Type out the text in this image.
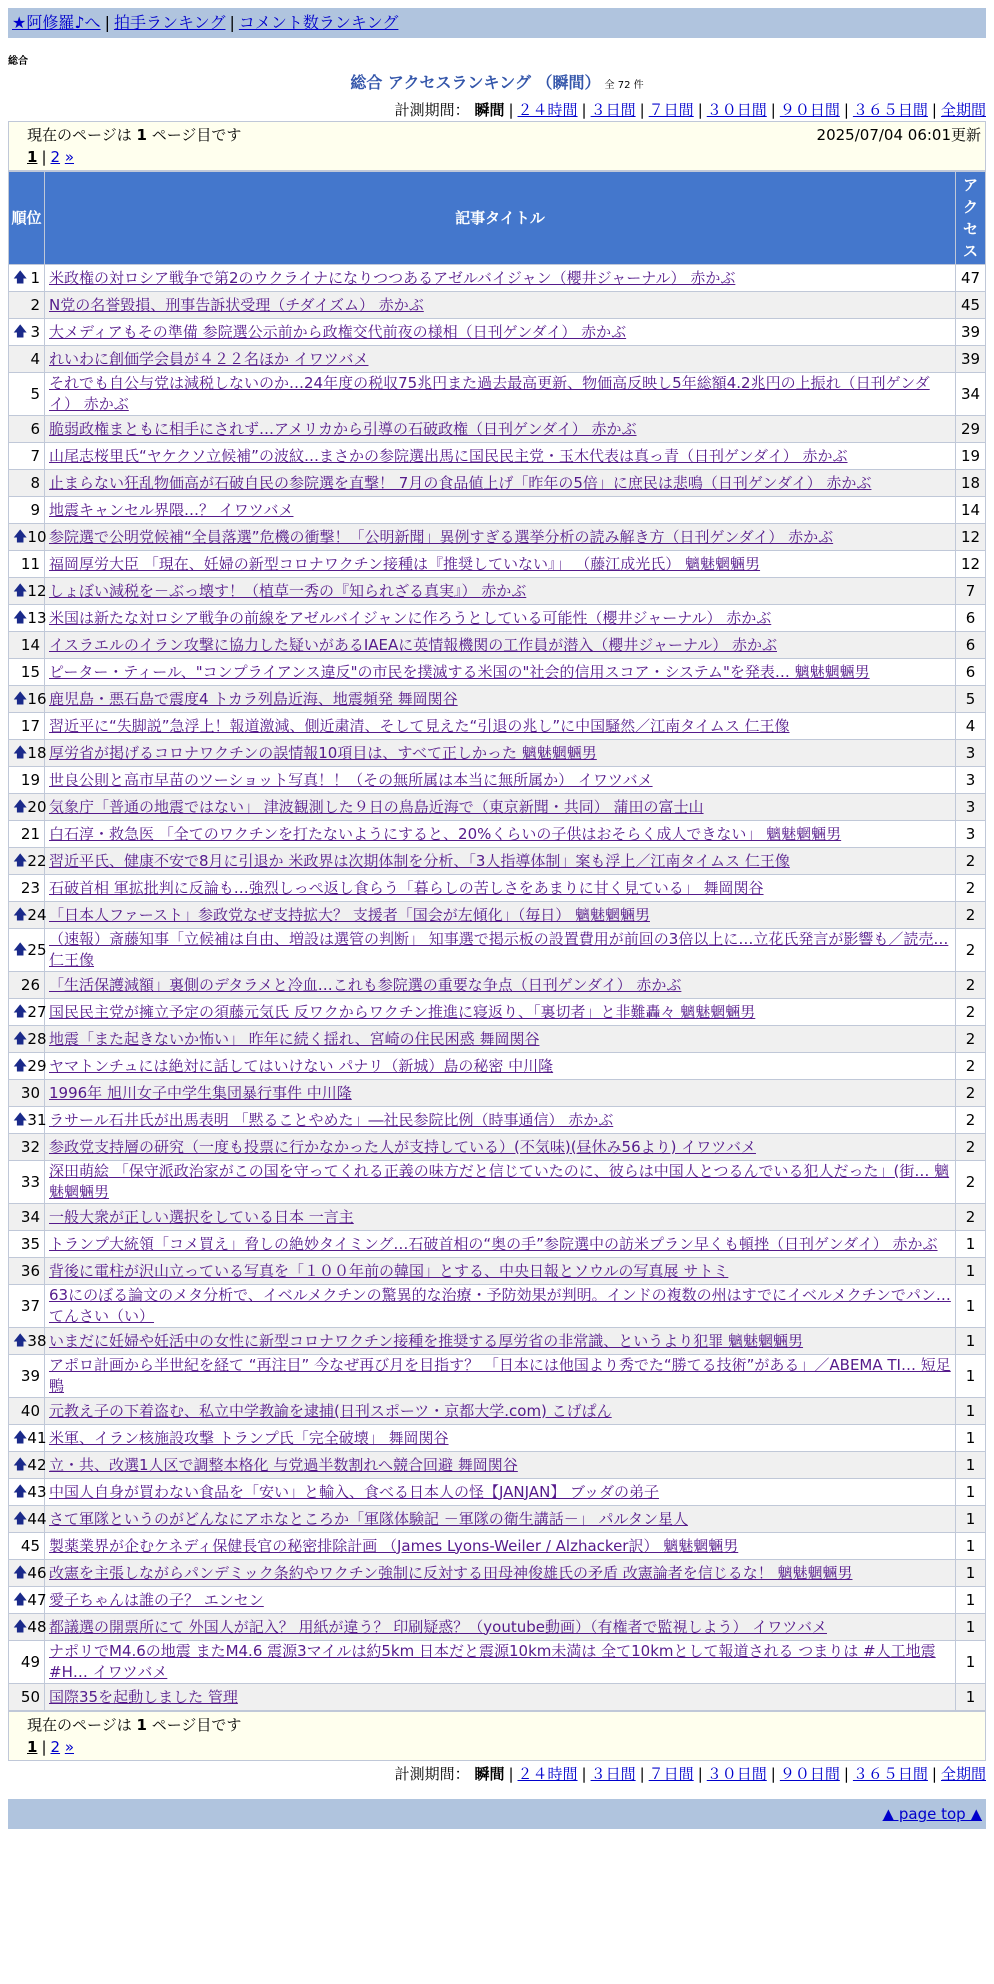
★阿修羅♪へ | 拍手ランキング | コメント数ランキング
総合
総合 アクセスランキング （瞬間） 全 72 件
計測期間： 瞬間 | ２４時間 | ３日間 | ７日間 | ３０日間 | ９０日間 | ３６５日間 | 全期間
現在のページは 1 ページ目です	2025/07/04 06:01更新
1 | 2 »
順位	記事タイトル	アクセス

🡅 1	米政権の対ロシア戦争で第2のウクライナになりつつあるアゼルバイジャン（櫻井ジャーナル） 赤かぶ	47
2	N党の名誉毀損、刑事告訴状受理（チダイズム） 赤かぶ	45

🡅 3	大メディアもその準備 参院選公示前から政権交代前夜の様相（日刊ゲンダイ） 赤かぶ	39
4	れいわに創価学会員が４２２名ほか イワツバメ	39
5	それでも自公与党は減税しないのか…24年度の税収75兆円また過去最高更新、物価高反映し5年総額4.2兆円の上振れ（日刊ゲンダイ） 赤かぶ	34
6	脆弱政権まともに相手にされず…アメリカから引導の石破政権（日刊ゲンダイ） 赤かぶ	29
7	山尾志桜里氏“ヤケクソ立候補”の波紋…まさかの参院選出馬に国民民主党・玉木代表は真っ青（日刊ゲンダイ） 赤かぶ	19
8	止まらない狂乱物価高が石破自民の参院選を直撃！ 7月の食品値上げ「昨年の5倍」に庶民は悲鳴（日刊ゲンダイ） 赤かぶ	18
9	地震キャンセル界隈…？ イワツバメ	14

🡅 10	参院選で公明党候補“全員落選”危機の衝撃！「公明新聞」異例すぎる選挙分析の読み解き方（日刊ゲンダイ） 赤かぶ	12
11	福岡厚労大臣 「現在、妊婦の新型コロナワクチン接種は『推奨していない』」 （藤江成光氏） 魑魅魍魎男	12

🡅 12	しょぼい減税を－ぶっ壊す！（植草一秀の『知られざる真実』） 赤かぶ	7

🡅 13	米国は新たな対ロシア戦争の前線をアゼルバイジャンに作ろうとしている可能性（櫻井ジャーナル） 赤かぶ	6
14	イスラエルのイラン攻撃に協力した疑いがあるIAEAに英情報機関の工作員が潜入（櫻井ジャーナル） 赤かぶ	6
15	ピーター・ティール、"コンプライアンス違反"の市民を撲滅する米国の"社会的信用スコア・システム"を発表… 魑魅魍魎男	6

🡅 16	鹿児島・悪石島で震度4 トカラ列島近海、地震頻発 舞岡関谷	5
17	習近平に“失脚説”急浮上！報道激減、側近粛清、そして見えた“引退の兆し”に中国騒然／江南タイムス 仁王像	4

🡅 18	厚労省が掲げるコロナワクチンの誤情報10項目は、すべて正しかった 魑魅魍魎男	3
19	世良公則と高市早苗のツーショット写真！！（その無所属は本当に無所属か） イワツバメ	3

🡅 20	気象庁「普通の地震ではない」 津波観測した９日の鳥島近海で（東京新聞・共同） 蒲田の富士山	3
21	白石淳・救急医 「全てのワクチンを打たないようにすると、20%くらいの子供はおそらく成人できない」 魑魅魍魎男	3

🡅 22	習近平氏、健康不安で8月に引退か 米政界は次期体制を分析、「3人指導体制」案も浮上／江南タイムス 仁王像	2
23	石破首相 軍拡批判に反論も…強烈しっぺ返し食らう「暮らしの苦しさをあまりに甘く見ている」 舞岡関谷	2

🡅 24	「日本人ファースト」参政党なぜ支持拡大？ 支援者「国会が左傾化」（毎日） 魑魅魍魎男	2

🡅 25	（速報）斎藤知事「立候補は自由、増設は選管の判断」 知事選で掲示板の設置費用が前回の3倍以上に…立花氏発言が影響も／読売… 仁王像	2
26	「生活保護減額」裏側のデタラメと冷血…これも参院選の重要な争点（日刊ゲンダイ） 赤かぶ	2

🡅 27	国民民主党が擁立予定の須藤元気氏 反ワクからワクチン推進に寝返り、「裏切者」と非難轟々 魑魅魍魎男	2

🡅 28	地震「また起きないか怖い」 昨年に続く揺れ、宮崎の住民困惑 舞岡関谷	2

🡅 29	ヤマトンチュには絶対に話してはいけない パナリ（新城）島の秘密 中川隆	2
30	1996年 旭川女子中学生集団暴行事件 中川隆	2

🡅 31	ラサール石井氏が出馬表明 「黙ることやめた」―社民参院比例（時事通信） 赤かぶ	2
32	参政党支持層の研究（一度も投票に行かなかった人が支持している）(不気味)(昼休み56より) イワツバメ	2
33	深田萌絵 「保守派政治家がこの国を守ってくれる正義の味方だと信じていたのに、彼らは中国人とつるんでいる犯人だった」(街… 魑魅魍魎男	2
34	一般大衆が正しい選択をしている日本 一言主	2
35	トランプ大統領「コメ買え」脅しの絶妙タイミング…石破首相の“奥の手”参院選中の訪米プラン早くも頓挫（日刊ゲンダイ） 赤かぶ	1
36	背後に電柱が沢山立っている写真を「１００年前の韓国」とする、中央日報とソウルの写真展 サトミ	1
37	63にのぼる論文のメタ分析で、イベルメクチンの驚異的な治療・予防効果が判明。インドの複数の州はすでにイベルメクチンでパン… てんさい（い）	1

🡅 38	いまだに妊婦や妊活中の女性に新型コロナワクチン接種を推奨する厚労省の非常識、というより犯罪 魑魅魍魎男	1
39	アポロ計画から半世紀を経て “再注目” 今なぜ再び月を目指す？ 「日本には他国より秀でた“勝てる技術”がある」／ABEMA TI… 短足鴨	1
40	元教え子の下着盗む、私立中学教諭を逮捕(日刊スポーツ・京都大学.com) こげぱん	1

🡅 41	米軍、イラン核施設攻撃 トランプ氏「完全破壊」 舞岡関谷	1

🡅 42	立・共、改選1人区で調整本格化 与党過半数割れへ競合回避 舞岡関谷	1

🡅 43	中国人自身が買わない食品を「安い」と輸入、食べる日本人の怪【JANJAN】 ブッダの弟子	1

🡅 44	さて軍隊というのがどんなにアホなところか「軍隊体験記 －軍隊の衛生講話－」 パルタン星人	1
45	製薬業界が企むケネディ保健長官の秘密排除計画 （James Lyons-Weiler / Alzhacker訳） 魑魅魍魎男	1

🡅 46	改憲を主張しながらパンデミック条約やワクチン強制に反対する田母神俊雄氏の矛盾 改憲論者を信じるな！ 魑魅魍魎男	1

🡅 47	愛子ちゃんは誰の子？ エンセン	1

🡅 48	都議選の開票所にて 外国人が記入？ 用紙が違う？ 印刷疑惑？（youtube動画）（有権者で監視しよう） イワツバメ	1
49	ナポリでM4.6の地震 またM4.6 震源3マイルは約5km 日本だと震源10km未満は 全て10kmとして報道される つまりは #人工地震 #H… イワツバメ	1
50	国際35を起動しました 管理	1
現在のページは 1 ページ目です
1 | 2 »
計測期間： 瞬間 | ２４時間 | ３日間 | ７日間 | ３０日間 | ９０日間 | ３６５日間 | 全期間
▲ page top ▲
